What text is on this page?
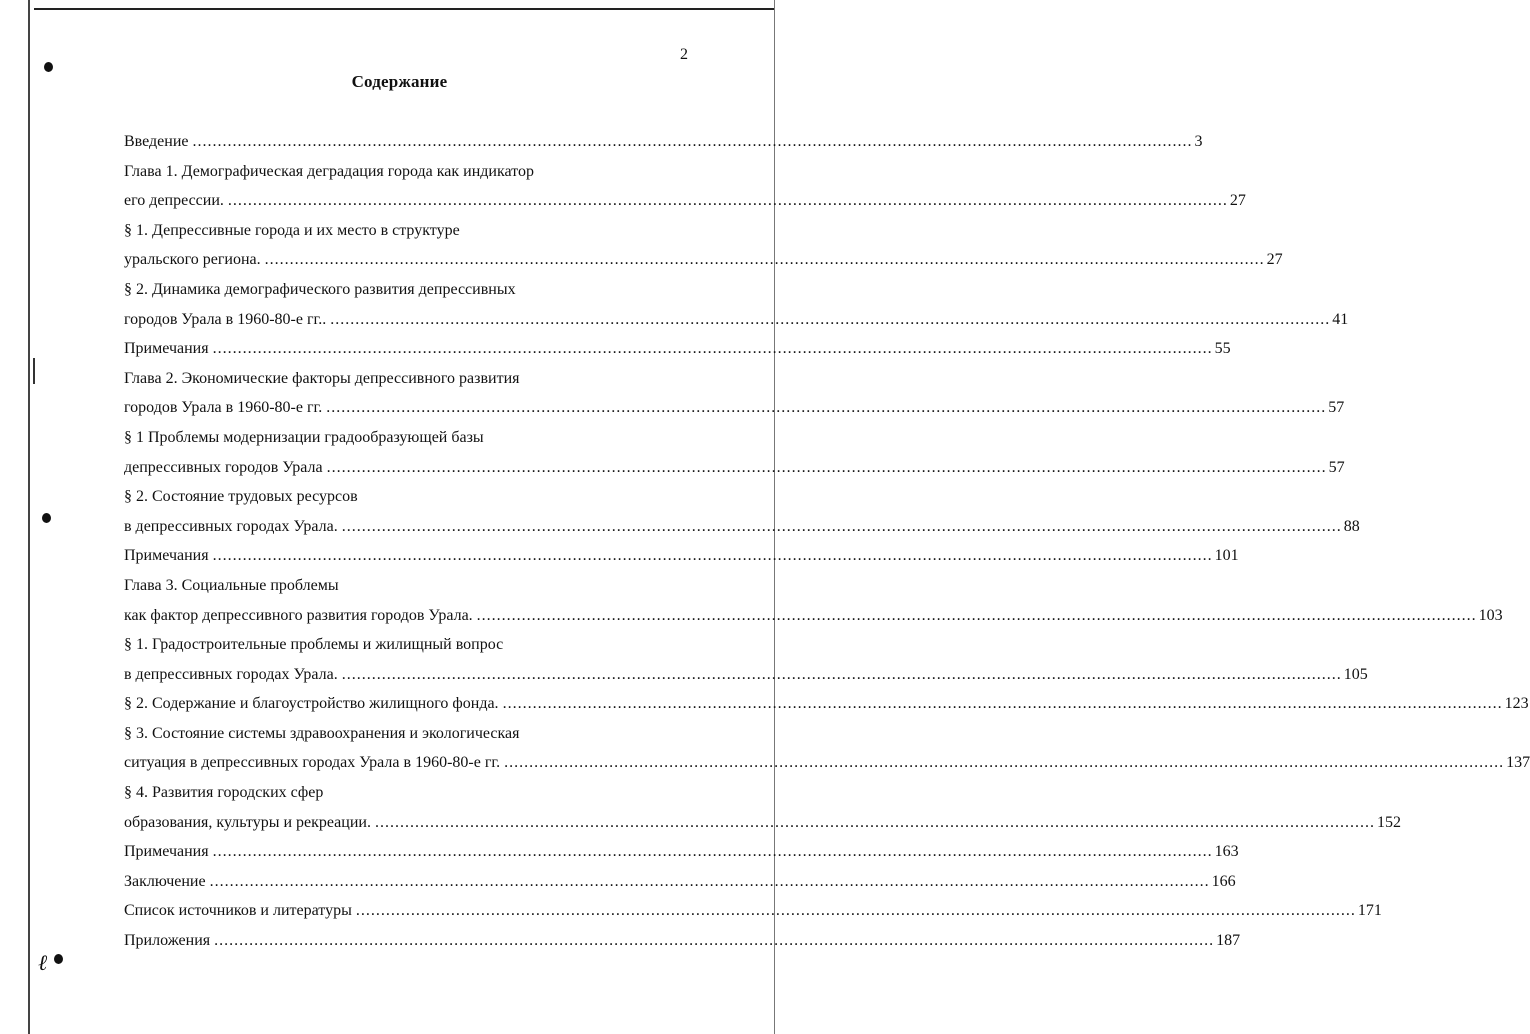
ℓ
2
Содержание
Введение ........................................................................................................................................................................................................ 3
Глава 1. Демографическая деградация города как индикатор
его депрессии. ........................................................................................................................................................................................................ 27
§ 1. Депрессивные города и их место в структуре
уральского региона. ........................................................................................................................................................................................................ 27
§ 2. Динамика демографического развития депрессивных
городов Урала в 1960-80-е гг.. ........................................................................................................................................................................................................ 41
Примечания ........................................................................................................................................................................................................ 55
Глава 2. Экономические факторы депрессивного развития
городов Урала в 1960-80-е гг. ........................................................................................................................................................................................................ 57
§ 1 Проблемы модернизации градообразующей базы
депрессивных городов Урала ........................................................................................................................................................................................................ 57
§ 2. Состояние трудовых ресурсов
в депрессивных городах Урала. ........................................................................................................................................................................................................ 88
Примечания ........................................................................................................................................................................................................ 101
Глава 3. Социальные проблемы
как фактор депрессивного развития городов Урала. ........................................................................................................................................................................................................ 103
§ 1. Градостроительные проблемы и жилищный вопрос
в депрессивных городах Урала. ........................................................................................................................................................................................................ 105
§ 2. Содержание и благоустройство жилищного фонда. ........................................................................................................................................................................................................ 123
§ 3. Состояние системы здравоохранения и экологическая
ситуация в депрессивных городах Урала в 1960-80-е гг. ........................................................................................................................................................................................................ 137
§ 4. Развития городских сфер
образования, культуры и рекреации. ........................................................................................................................................................................................................ 152
Примечания ........................................................................................................................................................................................................ 163
Заключение ........................................................................................................................................................................................................ 166
Список источников и литературы ........................................................................................................................................................................................................ 171
Приложения ........................................................................................................................................................................................................ 187
